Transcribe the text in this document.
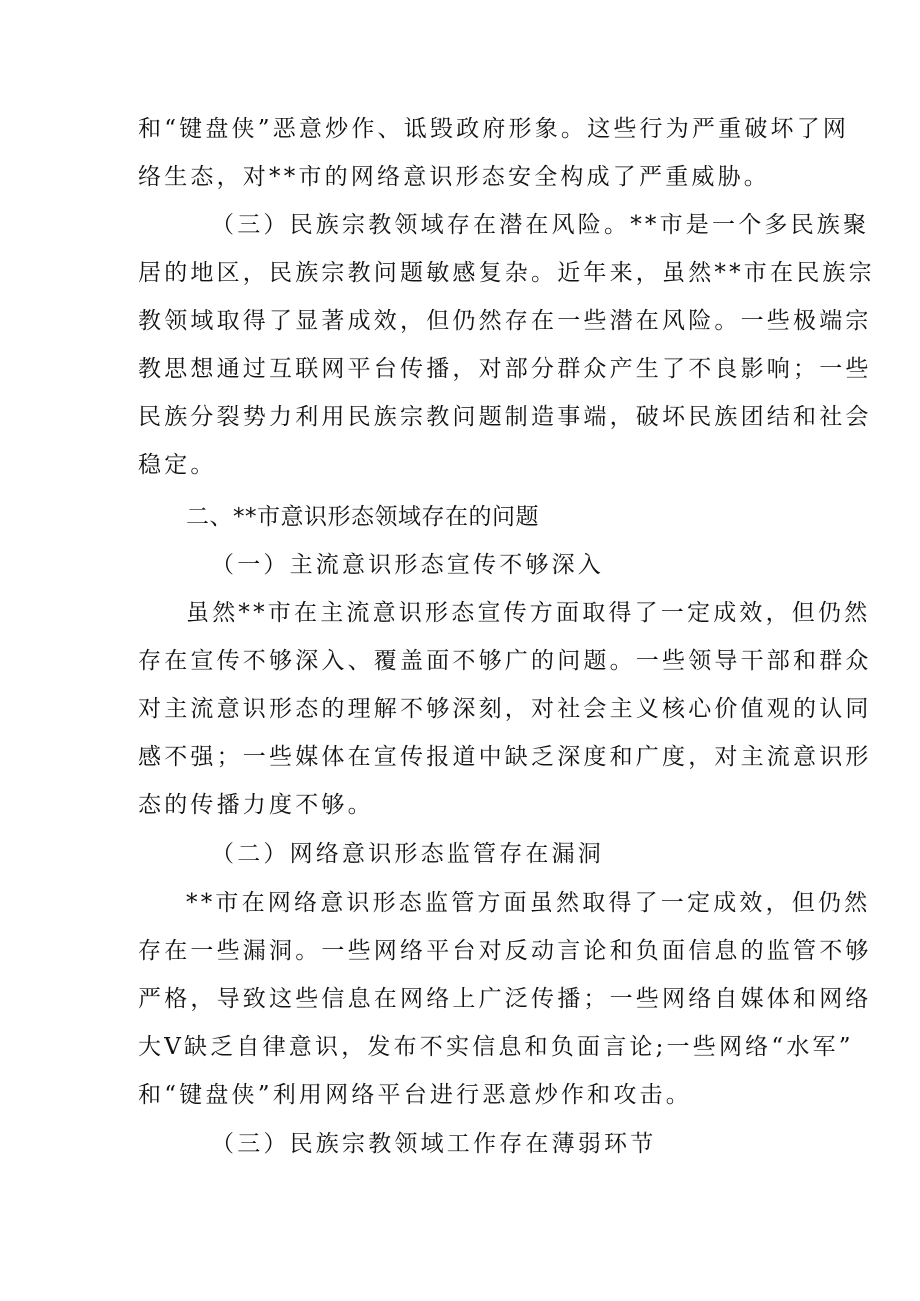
和“键盘侠”恶意炒作、诋毁政府形象。这些行为严重破坏了网
络生态，对**市的网络意识形态安全构成了严重威胁。
（三）民族宗教领域存在潜在风险。**市是一个多民族聚
居的地区，民族宗教问题敏感复杂。近年来，虽然**市在民族宗
教领域取得了显著成效，但仍然存在一些潜在风险。一些极端宗
教思想通过互联网平台传播，对部分群众产生了不良影响；一些
民族分裂势力利用民族宗教问题制造事端，破坏民族团结和社会
稳定。
二、**市意识形态领域存在的问题
（一）主流意识形态宣传不够深入
虽然**市在主流意识形态宣传方面取得了一定成效，但仍然
存在宣传不够深入、覆盖面不够广的问题。一些领导干部和群众
对主流意识形态的理解不够深刻，对社会主义核心价值观的认同
感不强；一些媒体在宣传报道中缺乏深度和广度，对主流意识形
态的传播力度不够。
（二）网络意识形态监管存在漏洞
**市在网络意识形态监管方面虽然取得了一定成效，但仍然
存在一些漏洞。一些网络平台对反动言论和负面信息的监管不够
严格，导致这些信息在网络上广泛传播；一些网络自媒体和网络
大V缺乏自律意识，发布不实信息和负面言论;一些网络“水军”
和“键盘侠”利用网络平台进行恶意炒作和攻击。
（三）民族宗教领域工作存在薄弱环节
